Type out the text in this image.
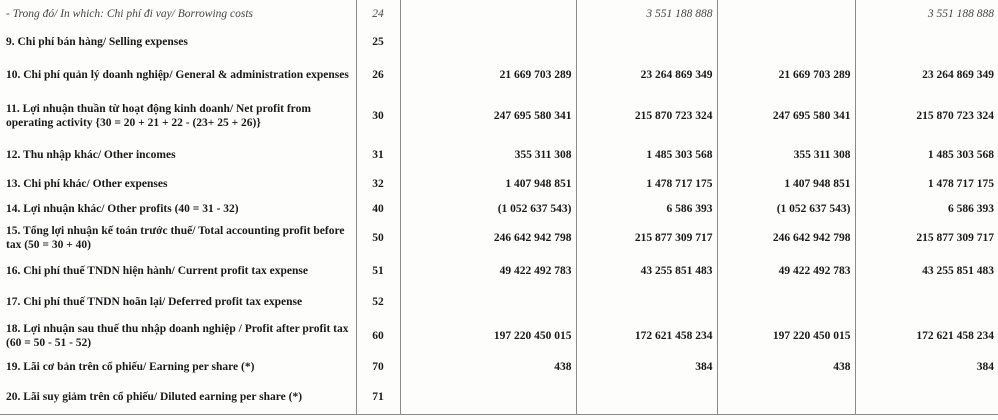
- Trong đó/ In which: Chi phí đi vay/ Borrowing costs	24		3 551 188 888		3 551 188 888
9. Chi phí bán hàng/ Selling expenses	25				
10. Chi phí quản lý doanh nghiệp/ General & administration expenses	26	21 669 703 289	23 264 869 349	21 669 703 289	23 264 869 349
11. Lợi nhuận thuần từ hoạt động kinh doanh/ Net profit from operating activity {30 = 20 + 21 + 22 - (23+ 25 + 26)}	30	247 695 580 341	215 870 723 324	247 695 580 341	215 870 723 324
12. Thu nhập khác/ Other incomes	31	355 311 308	1 485 303 568	355 311 308	1 485 303 568
13. Chi phí khác/ Other expenses	32	1 407 948 851	1 478 717 175	1 407 948 851	1 478 717 175
14. Lợi nhuận khác/ Other profits (40 = 31 - 32)	40	(1 052 637 543)	6 586 393	(1 052 637 543)	6 586 393
15. Tổng lợi nhuận kế toán trước thuế/ Total accounting profit before tax (50 = 30 + 40)	50	246 642 942 798	215 877 309 717	246 642 942 798	215 877 309 717
16. Chi phí thuế TNDN hiện hành/ Current profit tax expense	51	49 422 492 783	43 255 851 483	49 422 492 783	43 255 851 483
17. Chi phí thuế TNDN hoãn lại/ Deferred profit tax expense	52				
18. Lợi nhuận sau thuế thu nhập doanh nghiệp / Profit after profit tax (60 = 50 - 51 - 52)	60	197 220 450 015	172 621 458 234	197 220 450 015	172 621 458 234
19. Lãi cơ bản trên cổ phiếu/ Earning per share (*)	70	438	384	438	384
20. Lãi suy giảm trên cổ phiếu/ Diluted earning per share (*)	71				
